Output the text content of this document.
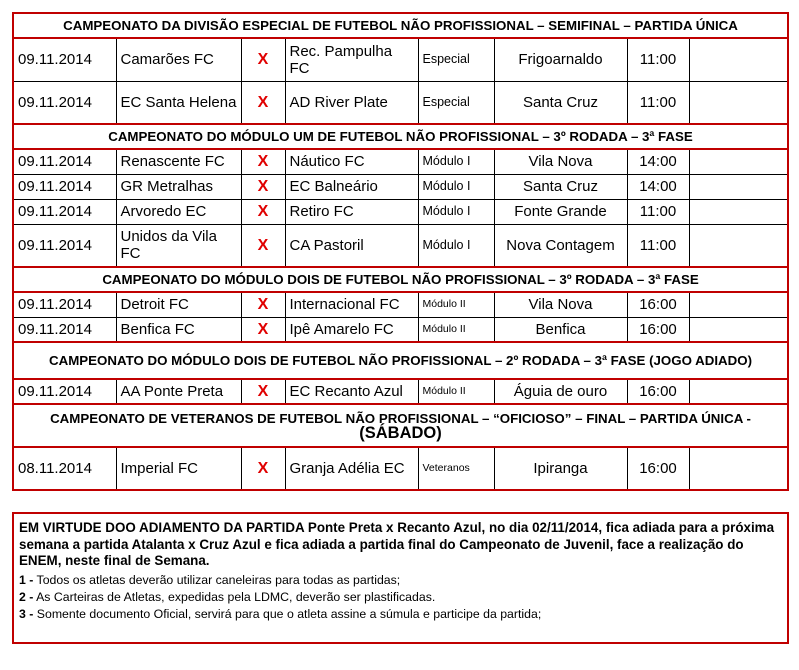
CAMPEONATO DA DIVISÃO ESPECIAL DE FUTEBOL NÃO PROFISSIONAL – SEMIFINAL – PARTIDA ÚNICA							
09.11.2014	Camarões FC	X	Rec. Pampulha FC	Especial	Frigoarnaldo	11:00	
09.11.2014	EC Santa Helena	X	AD River Plate	Especial	Santa Cruz	11:00	
CAMPEONATO DO MÓDULO UM DE FUTEBOL NÃO PROFISSIONAL – 3º RODADA – 3ª FASE							
09.11.2014	Renascente FC	X	Náutico FC	Módulo I	Vila Nova	14:00	
09.11.2014	GR Metralhas	X	EC Balneário	Módulo I	Santa Cruz	14:00	
09.11.2014	Arvoredo EC	X	Retiro FC	Módulo I	Fonte Grande	11:00	
09.11.2014	Unidos da Vila FC	X	CA Pastoril	Módulo I	Nova Contagem	11:00	
CAMPEONATO DO MÓDULO DOIS DE FUTEBOL NÃO PROFISSIONAL – 3º RODADA – 3ª FASE							
09.11.2014	Detroit FC	X	Internacional FC	Módulo II	Vila Nova	16:00	
09.11.2014	Benfica FC	X	Ipê Amarelo FC	Módulo II	Benfica	16:00	
CAMPEONATO DO MÓDULO DOIS DE FUTEBOL NÃO PROFISSIONAL – 2º RODADA – 3ª FASE (JOGO ADIADO)							
09.11.2014	AA Ponte Preta	X	EC Recanto Azul	Módulo II	Águia de ouro	16:00	
CAMPEONATO DE VETERANOS DE FUTEBOL NÃO PROFISSIONAL – “OFICIOSO” – FINAL – PARTIDA ÚNICA - (SÁBADO)							
08.11.2014	Imperial FC	X	Granja Adélia EC	Veteranos	Ipiranga	16:00	

EM VIRTUDE DOO ADIAMENTO DA PARTIDA Ponte Preta x Recanto Azul, no dia 02/11/2014, fica adiada para a próxima semana a partida Atalanta x Cruz Azul e fica adiada a partida final do Campeonato de Juvenil, face a realização do ENEM, neste final de Semana.

1 - Todos os atletas deverão utilizar caneleiras para todas as partidas;

2 - As Carteiras de Atletas, expedidas pela LDMC, deverão ser plastificadas.

3 - Somente documento Oficial, servirá para que o atleta assine a súmula e participe da partida;
